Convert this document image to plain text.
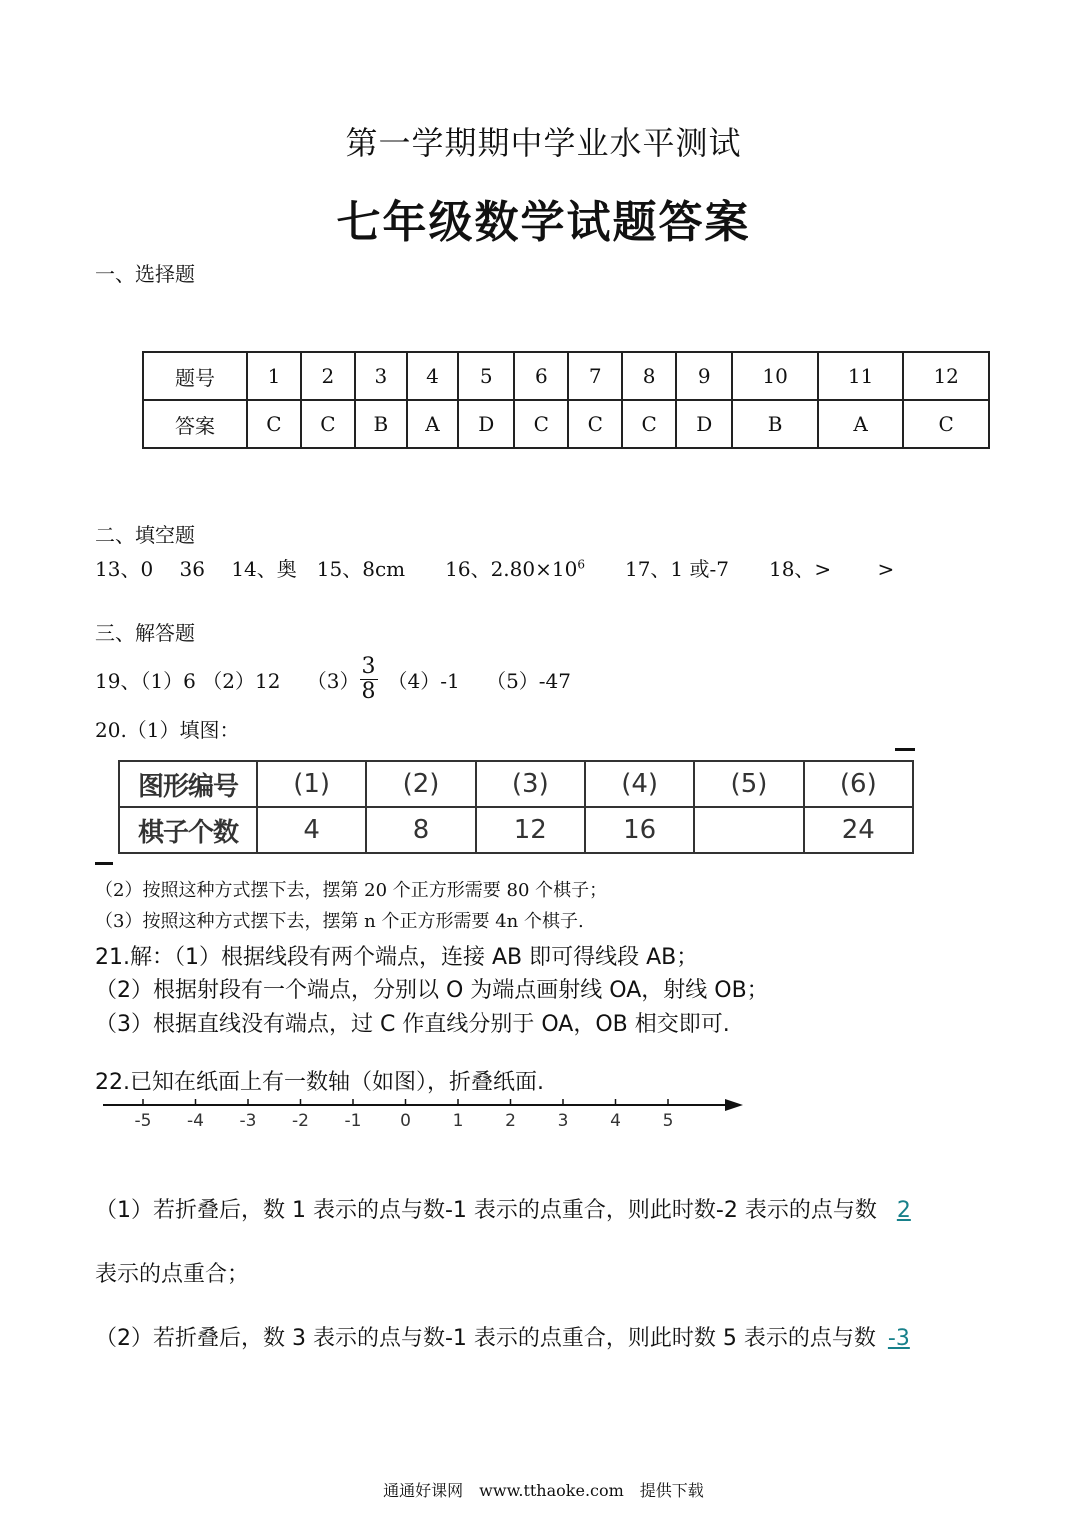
第一学期期中学业水平测试
七年级数学试题答案
一、选择题
题号	1	2	3	4	5	6	7	8	9	10	11	12
答案	C	C	B	A	D	C	C	C	D	B	A	C
二、填空题
13、0　 36　 14、奥　15、8cm　　16、$2.80\times 10^6$　　17、1 或-7　　18、>　　 >
三、解答题
19、（1）6 （2）12　 $(3) \frac{3}{8}$ 　（4）-1　 （5）-47
20.（1）填图：
图形编号	(1)	(2)	(3)	(4)	(5)	(6)
棋子个数	4	8	12	16		24
（2）按照这种方式摆下去，摆第 20 个正方形需要 80 个棋子；
（3）按照这种方式摆下去，摆第 n 个正方形需要 4n 个棋子.
21.解：（1）根据线段有两个端点，连接 AB 即可得线段 AB；
（2）根据射段有一个端点，分别以 O 为端点画射线 OA，射线 OB；
（3）根据直线没有端点，过 C 作直线分别于 OA，OB 相交即可.
22.已知在纸面上有一数轴（如图），折叠纸面.
-5 -4 -3 -2 -1 0 1 2 3 4 5
（1）若折叠后，数 1 表示的点与数-1 表示的点重合，则此时数-2 表示的点与数 2
表示的点重合；
（2）若折叠后，数 3 表示的点与数-1 表示的点重合，则此时数 5 表示的点与数 -3
通通好课网　www.tthaoke.com　提供下载
